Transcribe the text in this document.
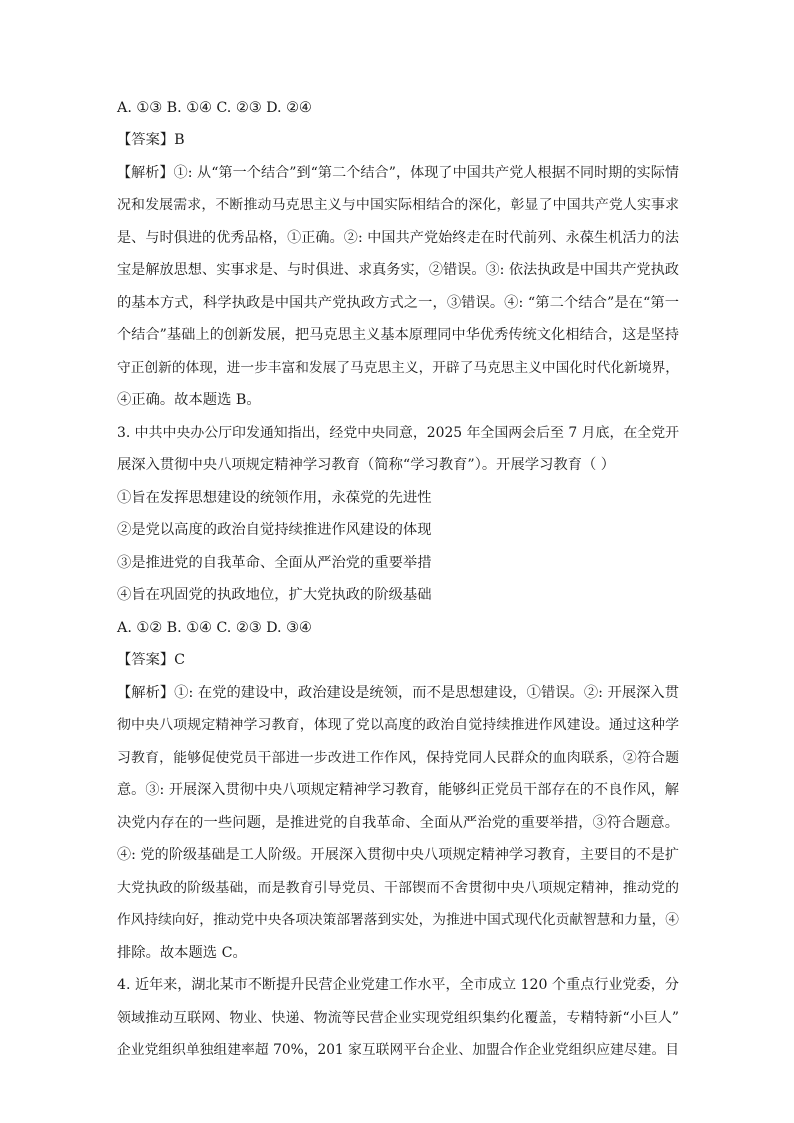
A. ①③ B. ①④ C. ②③ D. ②④
【答案】B
【解析】①: 从“第一个结合”到“第二个结合”，体现了中国共产党人根据不同时期的实际情
况和发展需求，不断推动马克思主义与中国实际相结合的深化，彰显了中国共产党人实事求
是、与时俱进的优秀品格，①正确。②: 中国共产党始终走在时代前列、永葆生机活力的法
宝是解放思想、实事求是、与时俱进、求真务实，②错误。③: 依法执政是中国共产党执政
的基本方式，科学执政是中国共产党执政方式之一，③错误。④: “第二个结合”是在“第一
个结合”基础上的创新发展，把马克思主义基本原理同中华优秀传统文化相结合，这是坚持
守正创新的体现，进一步丰富和发展了马克思主义，开辟了马克思主义中国化时代化新境界，
④正确。故本题选 B。
3. 中共中央办公厅印发通知指出，经党中央同意，2025 年全国两会后至 7 月底，在全党开
展深入贯彻中央八项规定精神学习教育（简称“学习教育”）。开展学习教育（ ）
①旨在发挥思想建设的统领作用，永葆党的先进性
②是党以高度的政治自觉持续推进作风建设的体现
③是推进党的自我革命、全面从严治党的重要举措
④旨在巩固党的执政地位，扩大党执政的阶级基础
A. ①② B. ①④ C. ②③ D. ③④
【答案】C
【解析】①: 在党的建设中，政治建设是统领，而不是思想建设，①错误。②: 开展深入贯
彻中央八项规定精神学习教育，体现了党以高度的政治自觉持续推进作风建设。通过这种学
习教育，能够促使党员干部进一步改进工作作风，保持党同人民群众的血肉联系，②符合题
意。③: 开展深入贯彻中央八项规定精神学习教育，能够纠正党员干部存在的不良作风，解
决党内存在的一些问题，是推进党的自我革命、全面从严治党的重要举措，③符合题意。
④: 党的阶级基础是工人阶级。开展深入贯彻中央八项规定精神学习教育，主要目的不是扩
大党执政的阶级基础，而是教育引导党员、干部锲而不舍贯彻中央八项规定精神，推动党的
作风持续向好，推动党中央各项决策部署落到实处，为推进中国式现代化贡献智慧和力量，④
排除。故本题选 C。
4. 近年来，湖北某市不断提升民营企业党建工作水平，全市成立 120 个重点行业党委，分
领域推动互联网、物业、快递、物流等民营企业实现党组织集约化覆盖，专精特新“小巨人”
企业党组织单独组建率超 70%，201 家互联网平台企业、加盟合作企业党组织应建尽建。目
